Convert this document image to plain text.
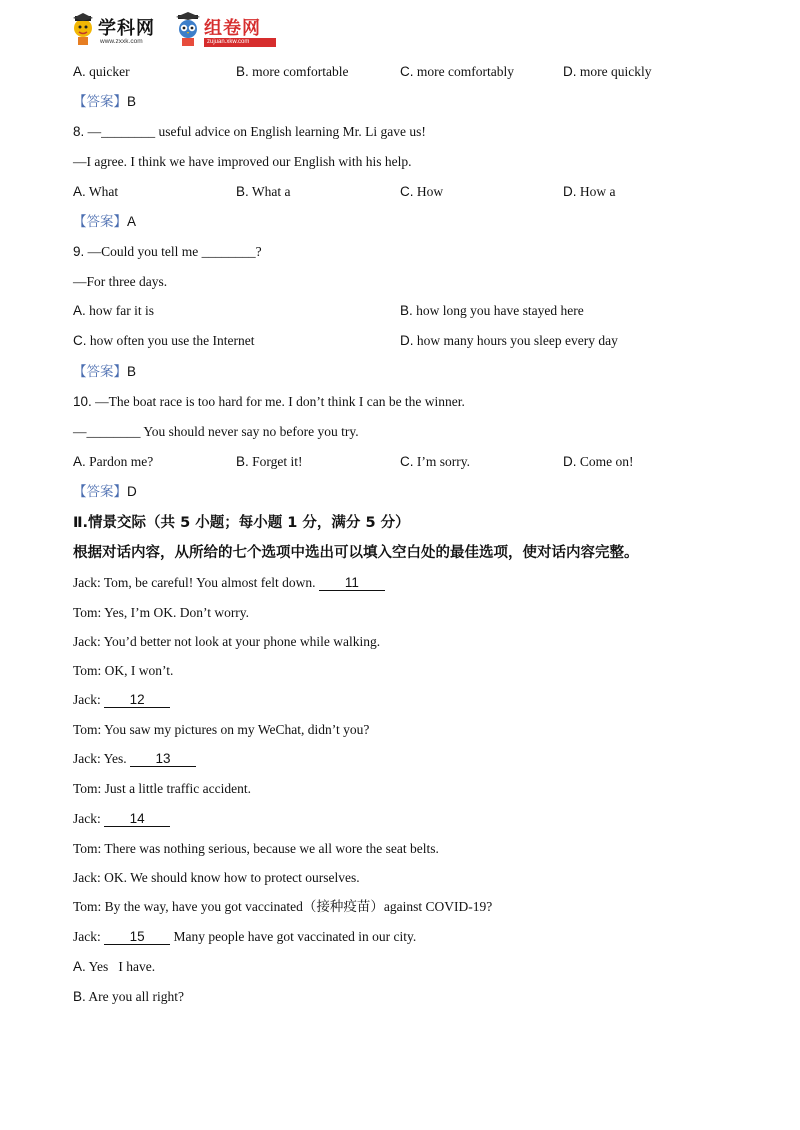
学科网
www.zxxk.com
组卷网
zujuan.xkw.com
A. quicker	B. more comfortable	C. more comfortably	D. more quickly
【答案】B
8. —________ useful advice on English learning Mr. Li gave us!
—I agree. I think we have improved our English with his help.
A. What	B. What a	C. How	D. How a
【答案】A
9. —Could you tell me ________?
—For three days.
A. how far it is	B. how long you have stayed here
C. how often you use the Internet	D. how many hours you sleep every day
【答案】B
10. —The boat race is too hard for me. I don’t think I can be the winner.
—________ You should never say no before you try.
A. Pardon me?	B. Forget it!	C. I’m sorry.	D. Come on!
【答案】D
Ⅱ.情景交际（共 5 小题；每小题 1 分，满分 5 分）
根据对话内容，从所给的七个选项中选出可以填入空白处的最佳选项，使对话内容完整。
Jack: Tom, be careful! You almost felt down. 11
Tom: Yes, I’m OK. Don’t worry.
Jack: You’d better not look at your phone while walking.
Tom: OK, I won’t.
Jack: 12
Tom: You saw my pictures on my WeChat, didn’t you?
Jack: Yes. 13
Tom: Just a little traffic accident.
Jack: 14
Tom: There was nothing serious, because we all wore the seat belts.
Jack: OK. We should know how to protect ourselves.
Tom: By the way, have you got vaccinated（接种疫苗）against COVID-19?
Jack: 15 Many people have got vaccinated in our city.
A. Yes   I have.
B. Are you all right?
